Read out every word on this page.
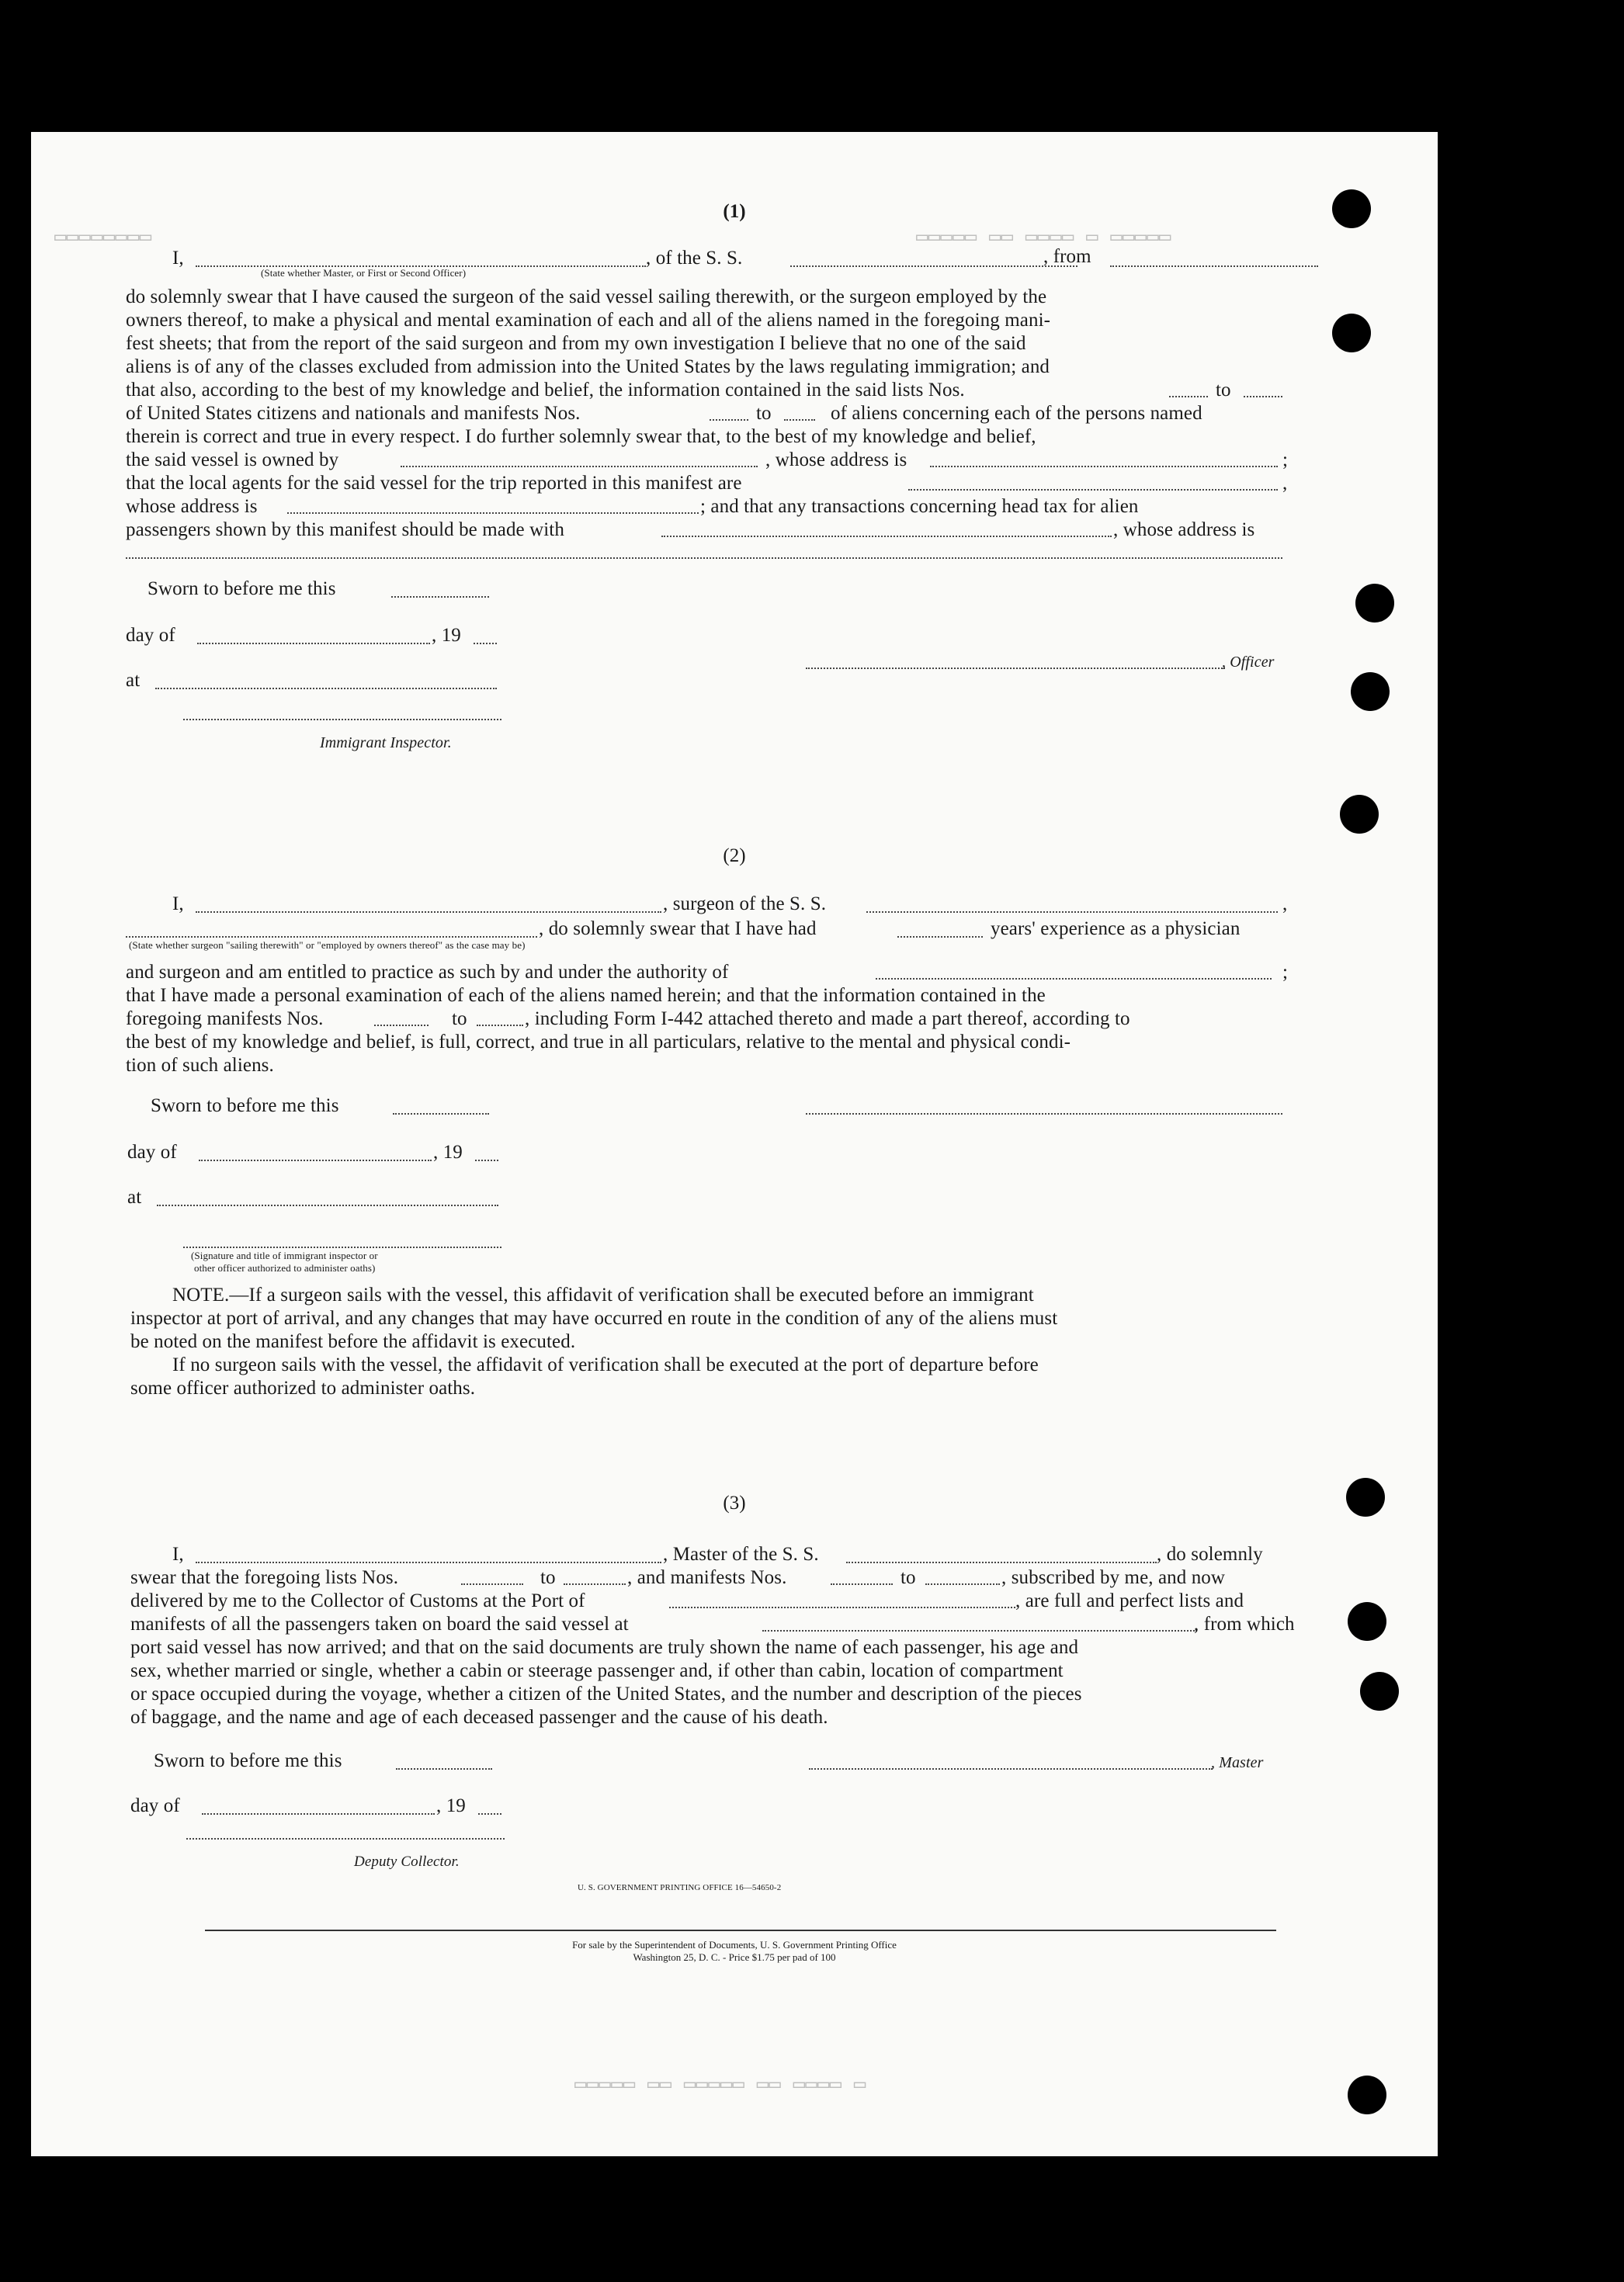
(1)
I,	, of the S. S.	, from
(State whether Master, or First or Second Officer)
do solemnly swear that I have caused the surgeon of the said vessel sailing therewith, or the surgeon employed by the
owners thereof, to make a physical and mental examination of each and all of the aliens named in the foregoing mani-
fest sheets; that from the report of the said surgeon and from my own investigation I believe that no one of the said
aliens is of any of the classes excluded from admission into the United States by the laws regulating immigration; and
that also, according to the best of my knowledge and belief, the information contained in the said lists Nos.	to
of United States citizens and nationals and manifests Nos.	to	of aliens concerning each of the persons named
therein is correct and true in every respect. I do further solemnly swear that, to the best of my knowledge and belief,
the said vessel is owned by	, whose address is	;
that the local agents for the said vessel for the trip reported in this manifest are	,
whose address is	; and that any transactions concerning head tax for alien
passengers shown by this manifest should be made with	, whose address is
Sworn to before me this
day of	, 19
at
, Officer
Immigrant Inspector.
(2)
I,	, surgeon of the S. S.	,
, do solemnly swear that I have had	years' experience as a physician
(State whether surgeon "sailing therewith" or "employed by owners thereof" as the case may be)
and surgeon and am entitled to practice as such by and under the authority of	;
that I have made a personal examination of each of the aliens named herein; and that the information contained in the
foregoing manifests Nos.	to	, including Form I-442 attached thereto and made a part thereof, according to
the best of my knowledge and belief, is full, correct, and true in all particulars, relative to the mental and physical condi-
tion of such aliens.
Sworn to before me this
day of	, 19
at
(Signature and title of immigrant inspector or
other officer authorized to administer oaths)
NOTE.—If a surgeon sails with the vessel, this affidavit of verification shall be executed before an immigrant
inspector at port of arrival, and any changes that may have occurred en route in the condition of any of the aliens must
be noted on the manifest before the affidavit is executed.
If no surgeon sails with the vessel, the affidavit of verification shall be executed at the port of departure before
some officer authorized to administer oaths.
(3)
I,	, Master of the S. S.	, do solemnly
swear that the foregoing lists Nos.	to	, and manifests Nos.	to	, subscribed by me, and now
delivered by me to the Collector of Customs at the Port of	, are full and perfect lists and
manifests of all the passengers taken on board the said vessel at	, from which
port said vessel has now arrived; and that on the said documents are truly shown the name of each passenger, his age and
sex, whether married or single, whether a cabin or steerage passenger and, if other than cabin, location of compartment
or space occupied during the voyage, whether a citizen of the United States, and the number and description of the pieces
of baggage, and the name and age of each deceased passenger and the cause of his death.
Sworn to before me this	, Master
day of	, 19
Deputy Collector.
U. S. GOVERNMENT PRINTING OFFICE 16—54650-2
For sale by the Superintendent of Documents, U. S. Government Printing Office
Washington 25, D. C. - Price $1.75 per pad of 100
▭▭▭▭▭ ▭▭ ▭▭▭▭ ▭ ▭▭▭▭▭
▭▭▭▭▭▭▭▭
▭▭▭▭▭ ▭▭ ▭▭▭▭▭ ▭▭ ▭▭▭▭ ▭
